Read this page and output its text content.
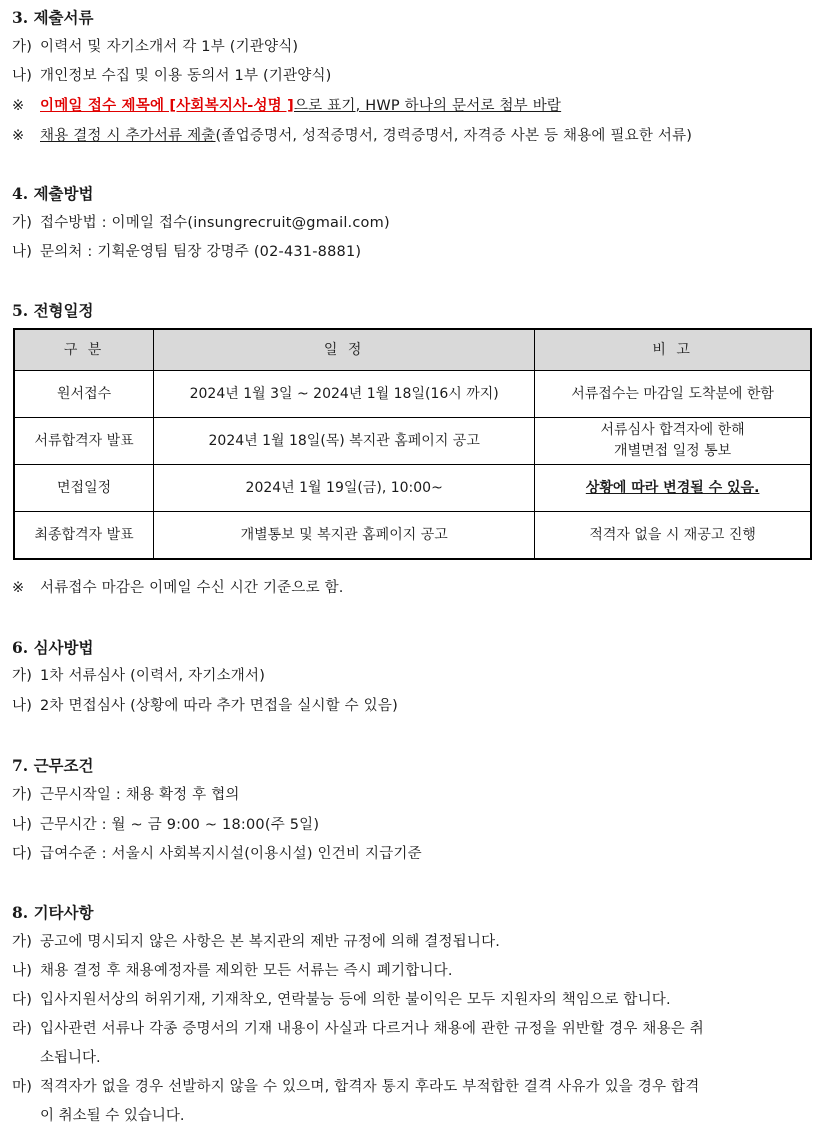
3. 제출서류
가) 이력서 및 자기소개서 각 1부 (기관양식)
나) 개인정보 수집 및 이용 동의서 1부 (기관양식)
※ 이메일 접수 제목에 [사회복지사-성명 ]으로 표기, HWP 하나의 문서로 첨부 바람
※ 채용 결정 시 추가서류 제출(졸업증명서, 성적증명서, 경력증명서, 자격증 사본 등 채용에 필요한 서류)
4. 제출방법
가) 접수방법 : 이메일 접수(insungrecruit@gmail.com)
나) 문의처 : 기획운영팀 팀장 강명주 (02-431-8881)
5. 전형일정
구 분	일 정	비 고
원서접수	2024년 1월 3일 ~ 2024년 1월 18일(16시 까지)	서류접수는 마감일 도착분에 한함
서류합격자 발표	2024년 1월 18일(목) 복지관 홈페이지 공고	서류심사 합격자에 한해
개별면접 일정 통보

면접일정	2024년 1월 19일(금), 10:00~	상황에 따라 변경될 수 있음.
최종합격자 발표	개별통보 및 복지관 홈페이지 공고	적격자 없을 시 재공고 진행
※ 서류접수 마감은 이메일 수신 시간 기준으로 함.
6. 심사방법
가) 1차 서류심사 (이력서, 자기소개서)
나) 2차 면접심사 (상황에 따라 추가 면접을 실시할 수 있음)
7. 근무조건
가) 근무시작일 : 채용 확정 후 협의
나) 근무시간 : 월 ~ 금 9:00 ~ 18:00(주 5일)
다) 급여수준 : 서울시 사회복지시설(이용시설) 인건비 지급기준
8. 기타사항
가) 공고에 명시되지 않은 사항은 본 복지관의 제반 규정에 의해 결정됩니다.
나) 채용 결정 후 채용예정자를 제외한 모든 서류는 즉시 폐기합니다.
다) 입사지원서상의 허위기재, 기재착오, 연락불능 등에 의한 불이익은 모두 지원자의 책임으로 합니다.
라) 입사관련 서류나 각종 증명서의 기재 내용이 사실과 다르거나 채용에 관한 규정을 위반할 경우 채용은 취
소됩니다.
마) 적격자가 없을 경우 선발하지 않을 수 있으며, 합격자 통지 후라도 부적합한 결격 사유가 있을 경우 합격
이 취소될 수 있습니다.
